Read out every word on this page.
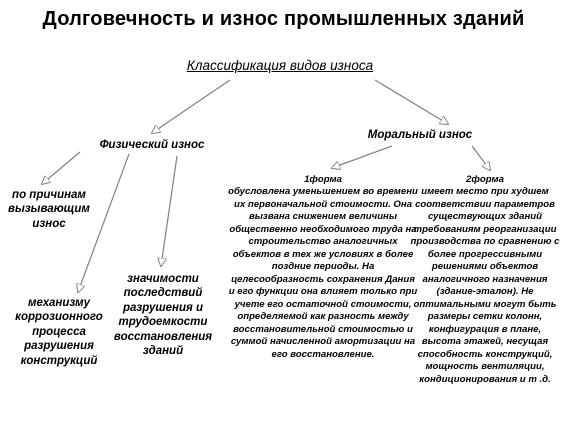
Долговечность и износ промышленных зданий
Классификация видов износа
Физический износ
Моральный износ
по причинам вызывающим износ
механизму коррозионного процесса разрушения конструкций
значимости последствий разрушения и трудоемкости восстановления зданий
1форма
обусловлена уменьшением во времени их первоначальной стоимости. Она вызвана снижением величины общественно необходимого труда на строительство аналогичных объектов в тех же условиях в более поздние периоды. На целесообразность сохранения Дания и его функции она влияет только при учете его остаточной стоимости, определяемой как разность между восстановительной стоимостью и суммой начисленной амортизации на его восстановление.
2форма
имеет место при худшем соответствии параметров существующих зданий требованиям реорганизации производства по сравнению с более прогрессивными решениями объектов аналогичного назначения (здание-эталон). Не оптимальными могут быть размеры сетки колонн, конфигурация в плане, высота этажей, несущая способность конструкций, мощность вентиляции, кондиционирования и т .д.
